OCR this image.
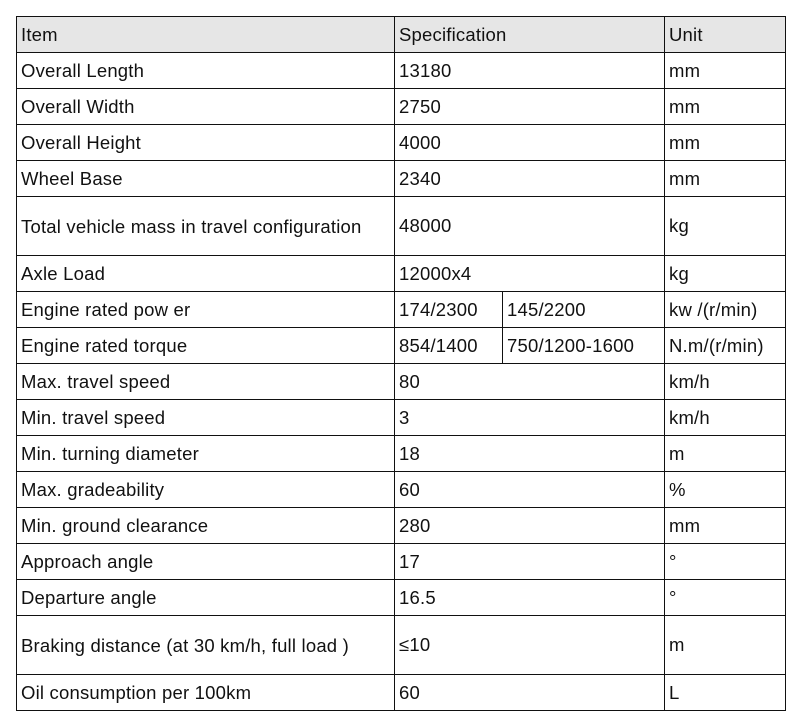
Item	Specification		Unit
Overall Length	13180		mm
Overall Width	2750		mm
Overall Height	4000		mm
Wheel Base	2340		mm
Total vehicle mass in travel configuration	48000		kg
Axle Load	12000x4		kg
Engine rated pow er	174/2300	145/2200	kw /(r/min)
Engine rated torque	854/1400	750/1200-1600	N.m/(r/min)
Max. travel speed	80		km/h
Min. travel speed	3		km/h
Min. turning diameter	18		m
Max. gradeability	60		%
Min. ground clearance	280		mm
Approach angle	17		°
Departure angle	16.5		°
Braking distance (at 30 km/h, full load )	≤10		m
Oil consumption per 100km	60		L
